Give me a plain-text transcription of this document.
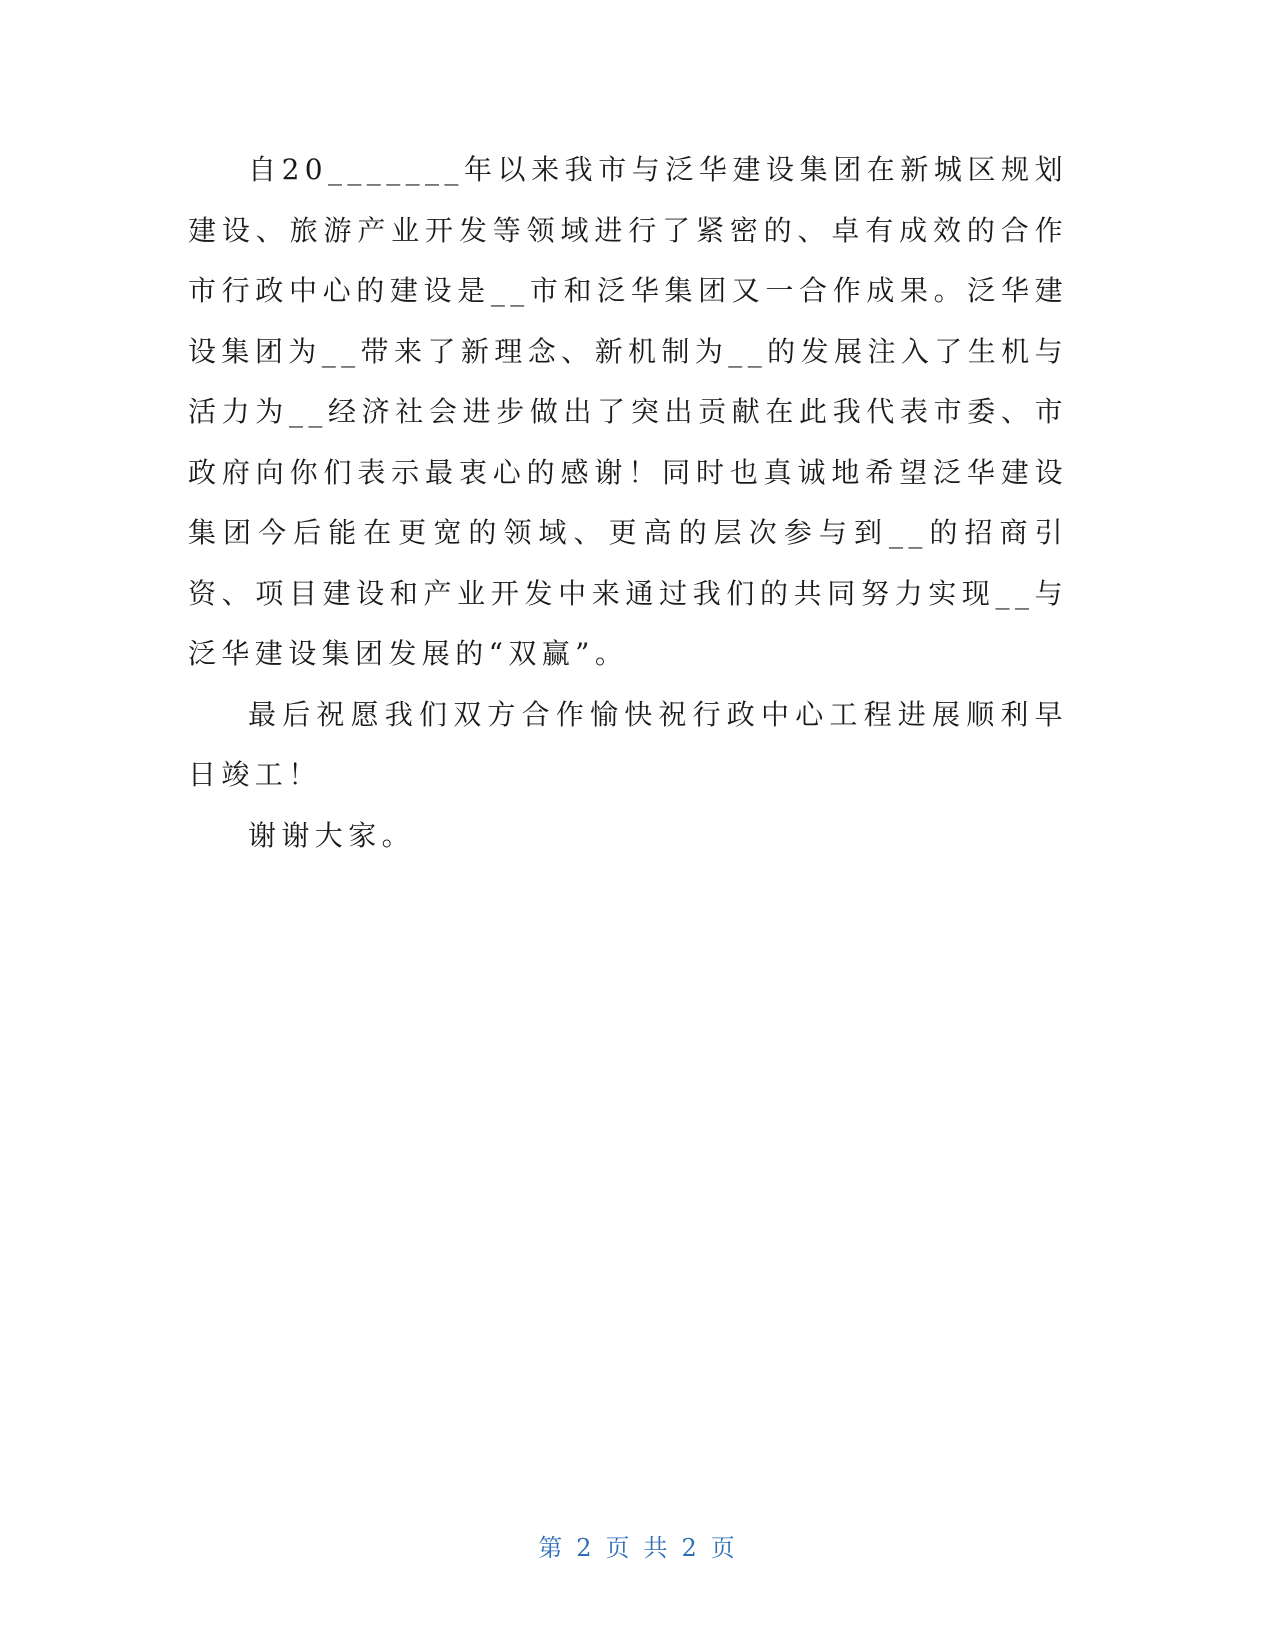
自20_______年以来我市与泛华建设集团在新城区规划建设、旅游产业开发等领域进行了紧密的、卓有成效的合作市行政中心的建设是__市和泛华集团又一合作成果。泛华建设集团为__带来了新理念、新机制为__的发展注入了生机与活力为__经济社会进步做出了突出贡献在此我代表市委、市政府向你们表示最衷心的感谢！同时也真诚地希望泛华建设集团今后能在更宽的领域、更高的层次参与到__的招商引资、项目建设和产业开发中来通过我们的共同努力实现__与泛华建设集团发展的“双赢”。

最后祝愿我们双方合作愉快祝行政中心工程进展顺利早日竣工！

谢谢大家。

第 2 页 共 2 页
